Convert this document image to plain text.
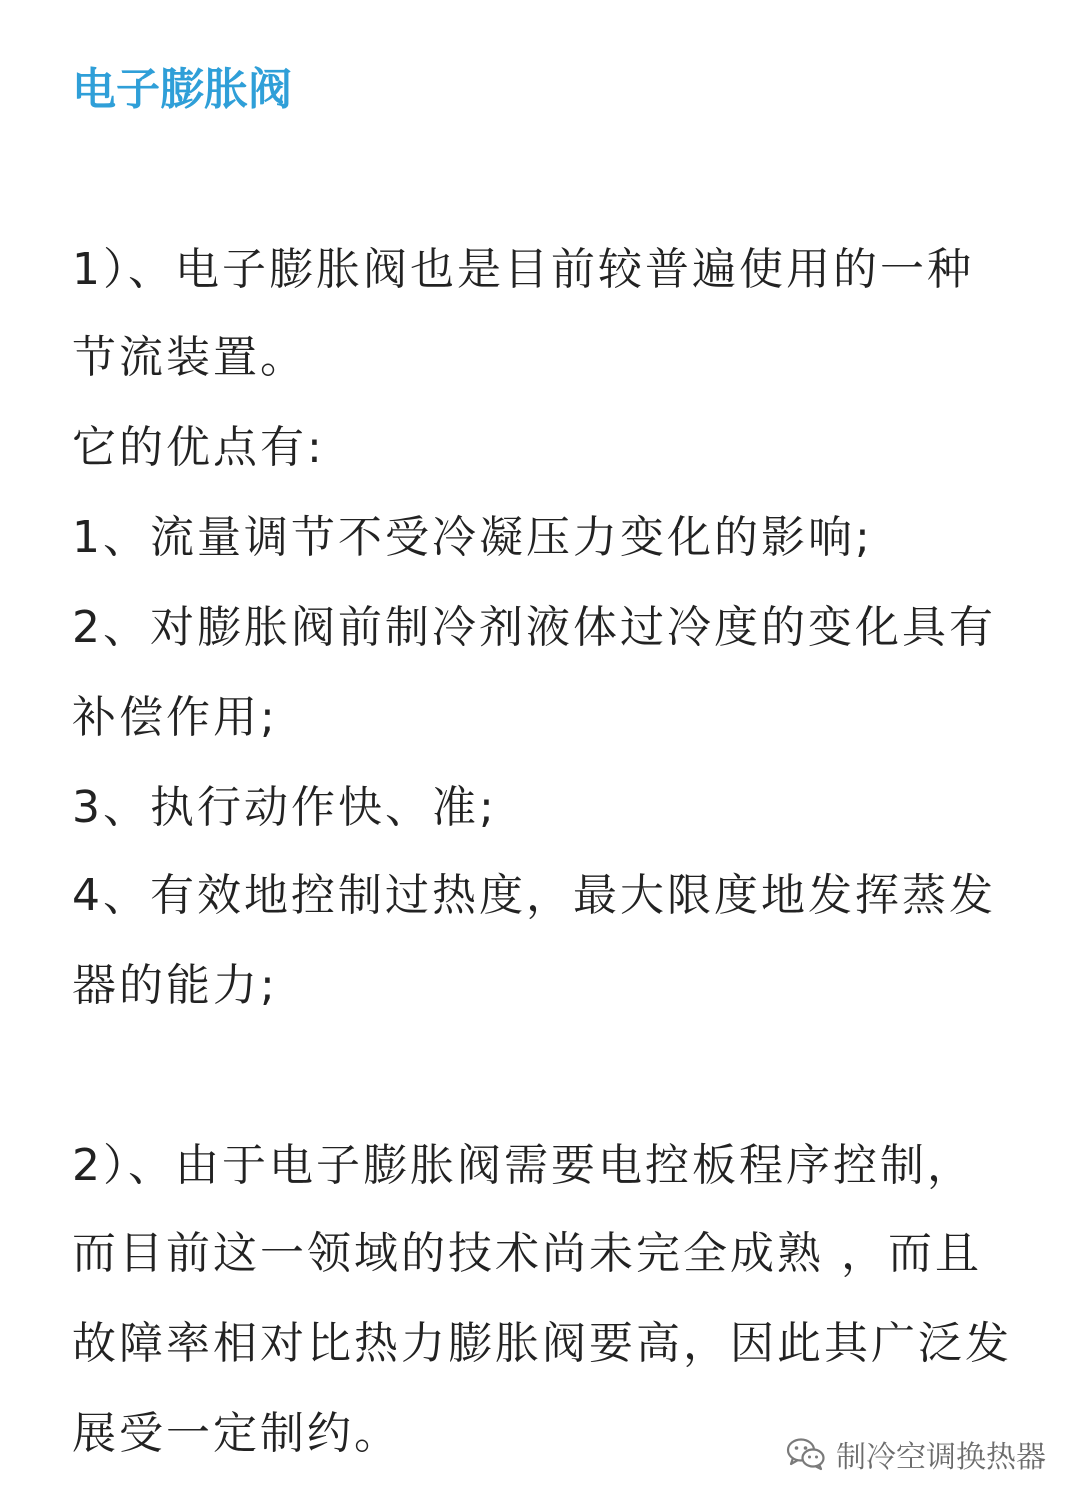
电子膨胀阀
1）、电子膨胀阀也是目前较普遍使用的一种
节流装置。
它的优点有:
1、流量调节不受冷凝压力变化的影响;
2、对膨胀阀前制冷剂液体过冷度的变化具有
补偿作用;
3、执行动作快、准;
4、有效地控制过热度，最大限度地发挥蒸发
器的能力;
2）、由于电子膨胀阀需要电控板程序控制，
而目前这一领域的技术尚未完全成熟 ，而且
故障率相对比热力膨胀阀要高，因此其广泛发
展受一定制约。	制冷空调换热器
